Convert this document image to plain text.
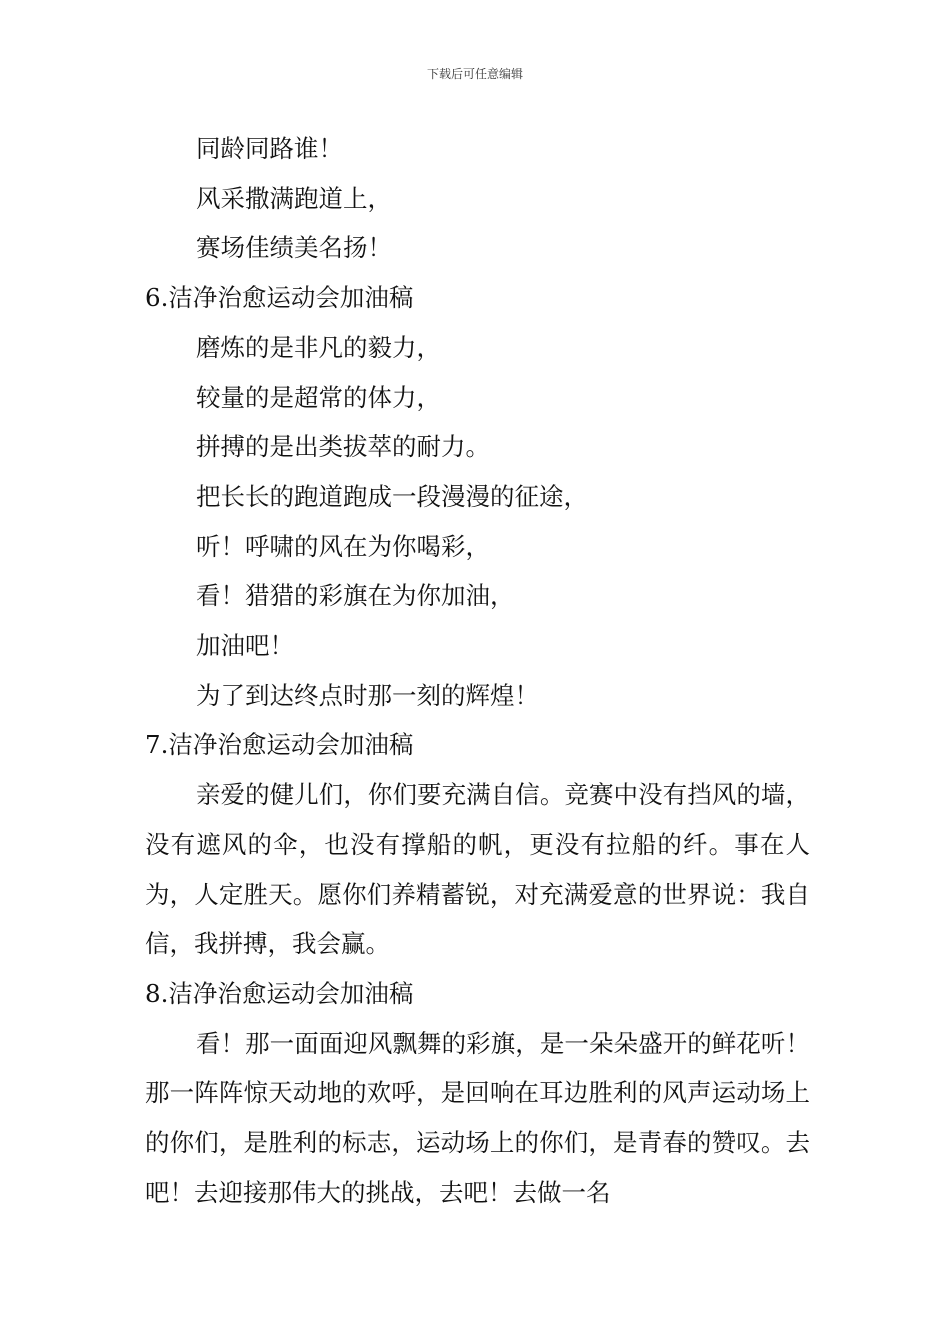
下载后可任意编辑

同龄同路谁！

风采撒满跑道上，

赛场佳绩美名扬！

6.洁净治愈运动会加油稿

磨炼的是非凡的毅力，

较量的是超常的体力，

拼搏的是出类拔萃的耐力。

把长长的跑道跑成一段漫漫的征途，

听！呼啸的风在为你喝彩，

看！猎猎的彩旗在为你加油，

加油吧！

为了到达终点时那一刻的辉煌！

7.洁净治愈运动会加油稿

亲爱的健儿们，你们要充满自信。竞赛中没有挡风的墙，没有遮风的伞，也没有撑船的帆，更没有拉船的纤。事在人为，人定胜天。愿你们养精蓄锐，对充满爱意的世界说：我自信，我拼搏，我会赢。

8.洁净治愈运动会加油稿

看！那一面面迎风飘舞的彩旗，是一朵朵盛开的鲜花听！那一阵阵惊天动地的欢呼，是回响在耳边胜利的风声运动场上的你们，是胜利的标志，运动场上的你们，是青春的赞叹。去吧！去迎接那伟大的挑战，去吧！去做一名
